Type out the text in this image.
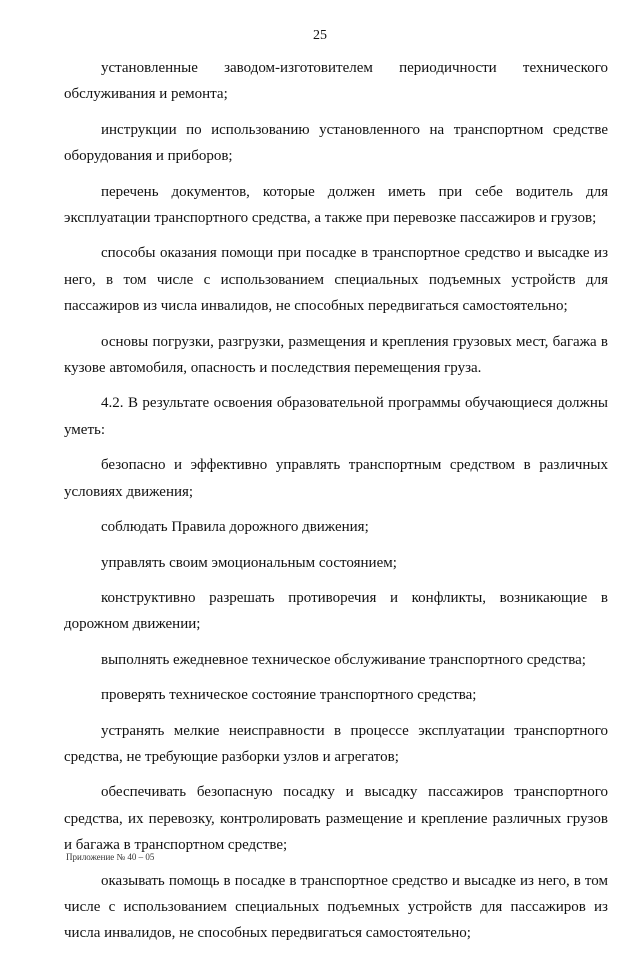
25

установленные заводом-изготовителем периодичности технического обслуживания и ремонта;

инструкции по использованию установленного на транспортном средстве оборудования и приборов;

перечень документов, которые должен иметь при себе водитель для эксплуатации транспортного средства, а также при перевозке пассажиров и грузов;

способы оказания помощи при посадке в транспортное средство и высадке из него, в том числе с использованием специальных подъемных устройств для пассажиров из числа инвалидов, не способных передвигаться самостоятельно;

основы погрузки, разгрузки, размещения и крепления грузовых мест, багажа в кузове автомобиля, опасность и последствия перемещения груза.

4.2. В результате освоения образовательной программы обучающиеся должны уметь:

безопасно и эффективно управлять транспортным средством в различных условиях движения;

соблюдать Правила дорожного движения;

управлять своим эмоциональным состоянием;

конструктивно разрешать противоречия и конфликты, возникающие в дорожном движении;

выполнять ежедневное техническое обслуживание транспортного средства;

проверять техническое состояние транспортного средства;

устранять мелкие неисправности в процессе эксплуатации транспортного средства, не требующие разборки узлов и агрегатов;

обеспечивать безопасную посадку и высадку пассажиров транспортного средства, их перевозку, контролировать размещение и крепление различных грузов и багажа в транспортном средстве;

оказывать помощь в посадке в транспортное средство и высадке из него, в том числе с использованием специальных подъемных устройств для пассажиров из числа инвалидов, не способных передвигаться самостоятельно;

Приложение № 40 – 05
